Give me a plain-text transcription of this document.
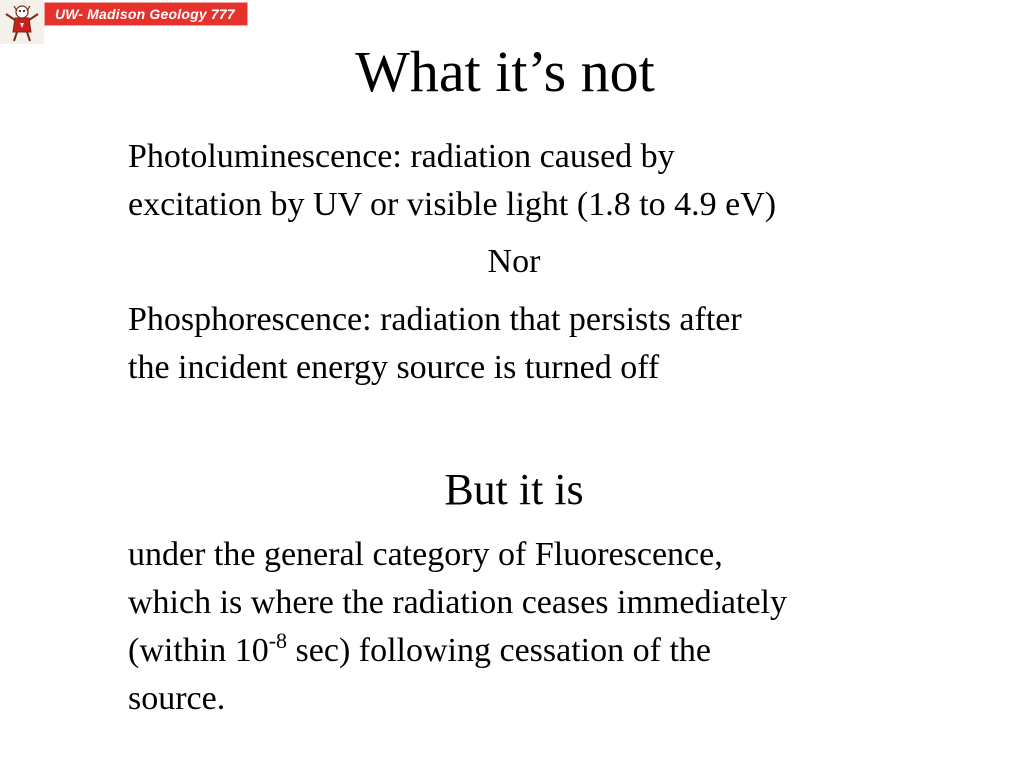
UW- Madison Geology 777
What it’s not
Photoluminescence: radiation caused by
excitation by UV or visible light (1.8 to 4.9 eV)
Nor
Phosphorescence: radiation that persists after
the incident energy source is turned off
But it is
under the general category of Fluorescence,
which is where the radiation ceases immediately
(within $10^{-8}$ sec) following cessation of the
source.
